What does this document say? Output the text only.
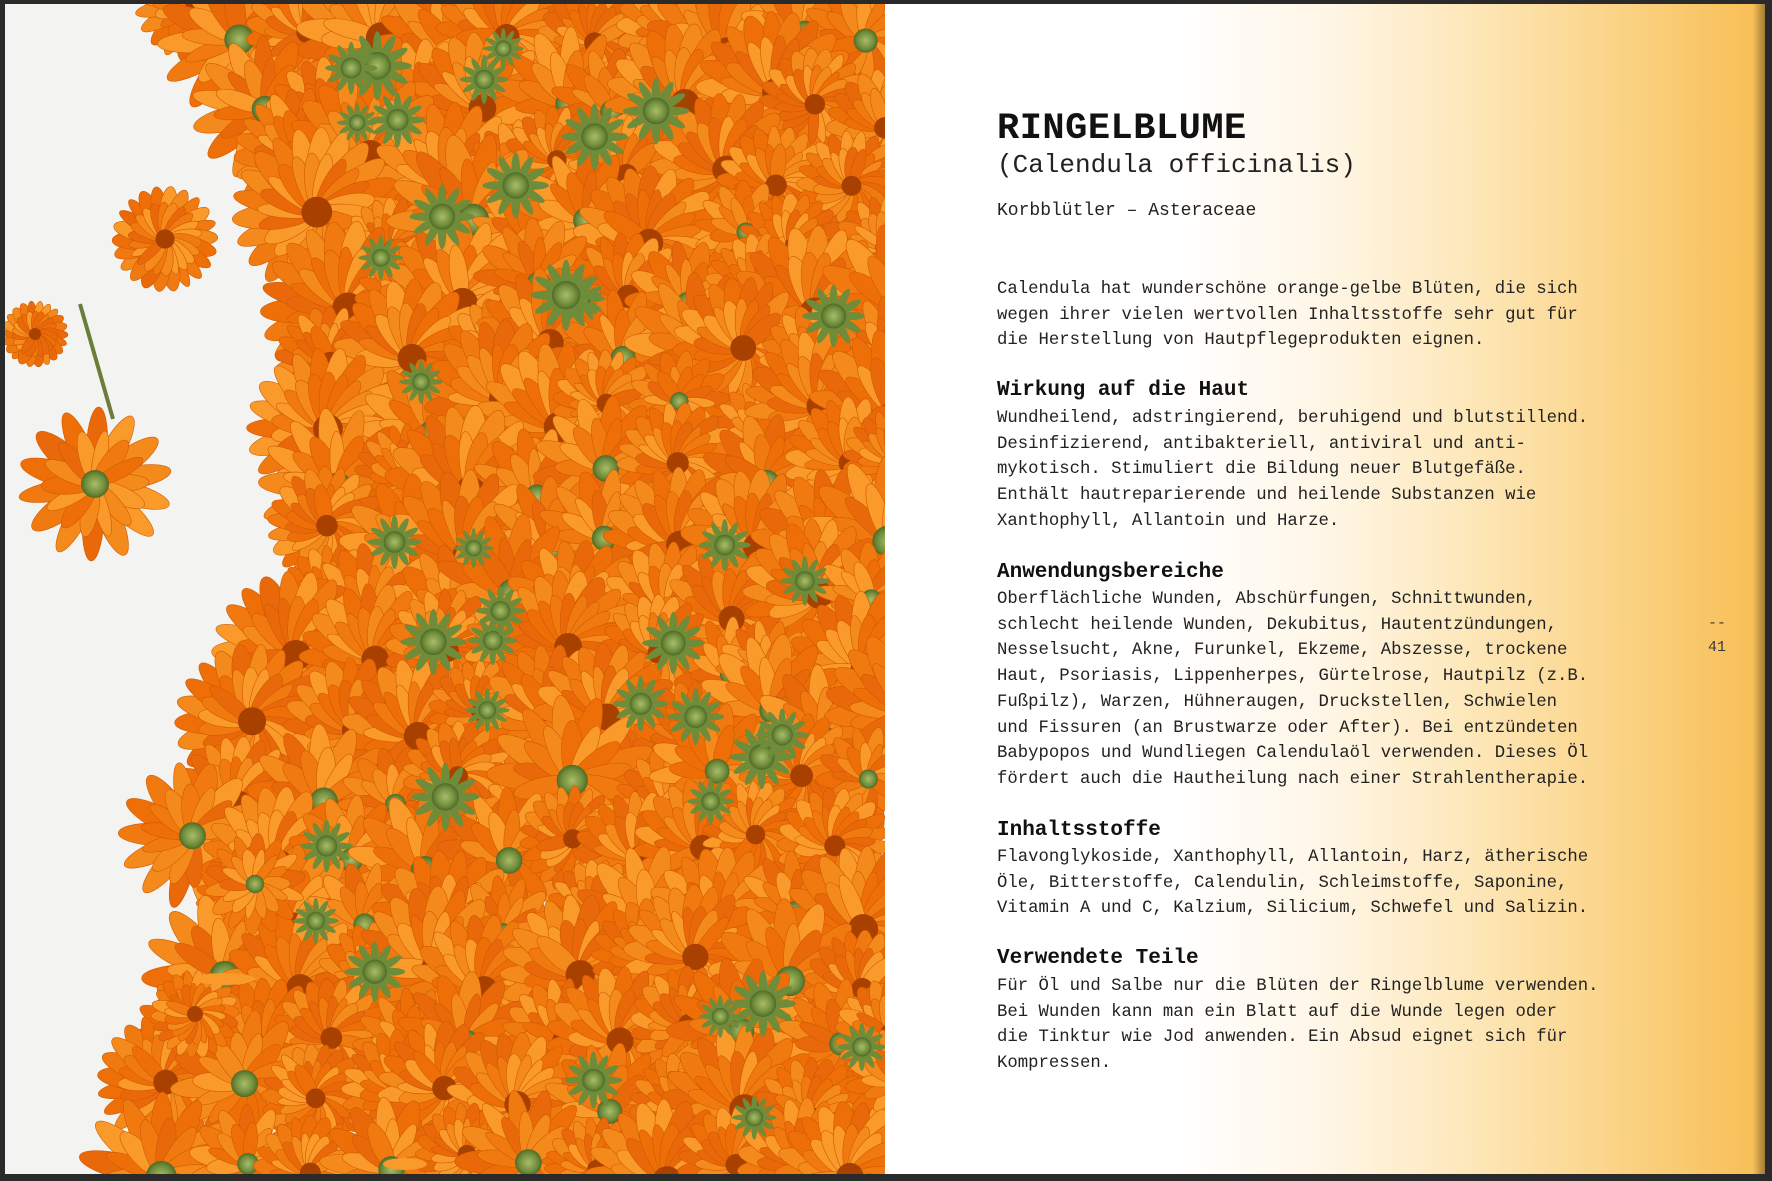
RINGELBLUME

(Calendula officinalis)

Korbblütler – Asteraceae

Calendula hat wunderschöne orange-gelbe Blüten, die sich
wegen ihrer vielen wertvollen Inhaltsstoffe sehr gut für
die Herstellung von Hautpflegeprodukten eignen.

Wirkung auf die Haut

Wundheilend, adstringierend, beruhigend und blutstillend.
Desinfizierend, antibakteriell, antiviral und anti-
mykotisch. Stimuliert die Bildung neuer Blutgefäße.
Enthält hautreparierende und heilende Substanzen wie
Xanthophyll, Allantoin und Harze.

Anwendungsbereiche

Oberflächliche Wunden, Abschürfungen, Schnittwunden,
schlecht heilende Wunden, Dekubitus, Hautentzündungen,
Nesselsucht, Akne, Furunkel, Ekzeme, Abszesse, trockene
Haut, Psoriasis, Lippenherpes, Gürtelrose, Hautpilz (z.B.
Fußpilz), Warzen, Hühneraugen, Druckstellen, Schwielen
und Fissuren (an Brustwarze oder After). Bei entzündeten
Babypopos und Wundliegen Calendulaöl verwenden. Dieses Öl
fördert auch die Hautheilung nach einer Strahlentherapie.

Inhaltsstoffe

Flavonglykoside, Xanthophyll, Allantoin, Harz, ätherische
Öle, Bitterstoffe, Calendulin, Schleimstoffe, Saponine,
Vitamin A und C, Kalzium, Silicium, Schwefel und Salizin.

Verwendete Teile

Für Öl und Salbe nur die Blüten der Ringelblume verwenden.
Bei Wunden kann man ein Blatt auf die Wunde legen oder
die Tinktur wie Jod anwenden. Ein Absud eignet sich für
Kompressen.

--
41
